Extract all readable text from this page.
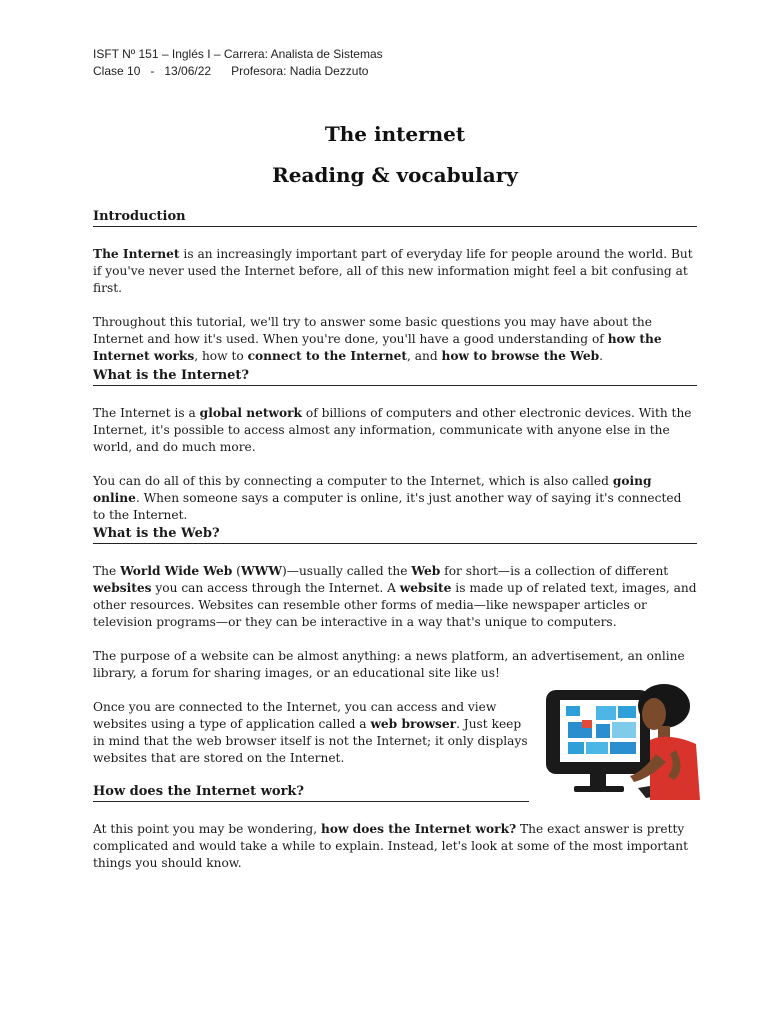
ISFT Nº 151 – Inglés I – Carrera: Analista de Sistemas
Clase 10   -   13/06/22 Profesora: Nadia Dezzuto
The internet
Reading & vocabulary
Introduction

The Internet is an increasingly important part of everyday life for people around the world. But if you've never used the Internet before, all of this new information might feel a bit confusing at first.

Throughout this tutorial, we'll try to answer some basic questions you may have about the Internet and how it's used. When you're done, you'll have a good understanding of how the Internet works, how to connect to the Internet, and how to browse the Web.

What is the Internet?

The Internet is a global network of billions of computers and other electronic devices. With the Internet, it's possible to access almost any information, communicate with anyone else in the world, and do much more.

You can do all of this by connecting a computer to the Internet, which is also called going online. When someone says a computer is online, it's just another way of saying it's connected to the Internet.

What is the Web?

The World Wide Web (WWW)—usually called the Web for short—is a collection of different websites you can access through the Internet. A website is made up of related text, images, and other resources. Websites can resemble other forms of media—like newspaper articles or television programs—or they can be interactive in a way that's unique to computers.

The purpose of a website can be almost anything: a news platform, an advertisement, an online library, a forum for sharing images, or an educational site like us!

Once you are connected to the Internet, you can access and view websites using a type of application called a web browser. Just keep in mind that the web browser itself is not the Internet; it only displays websites that are stored on the Internet.

How does the Internet work?

At this point you may be wondering, how does the Internet work? The exact answer is pretty complicated and would take a while to explain. Instead, let's look at some of the most important things you should know.
